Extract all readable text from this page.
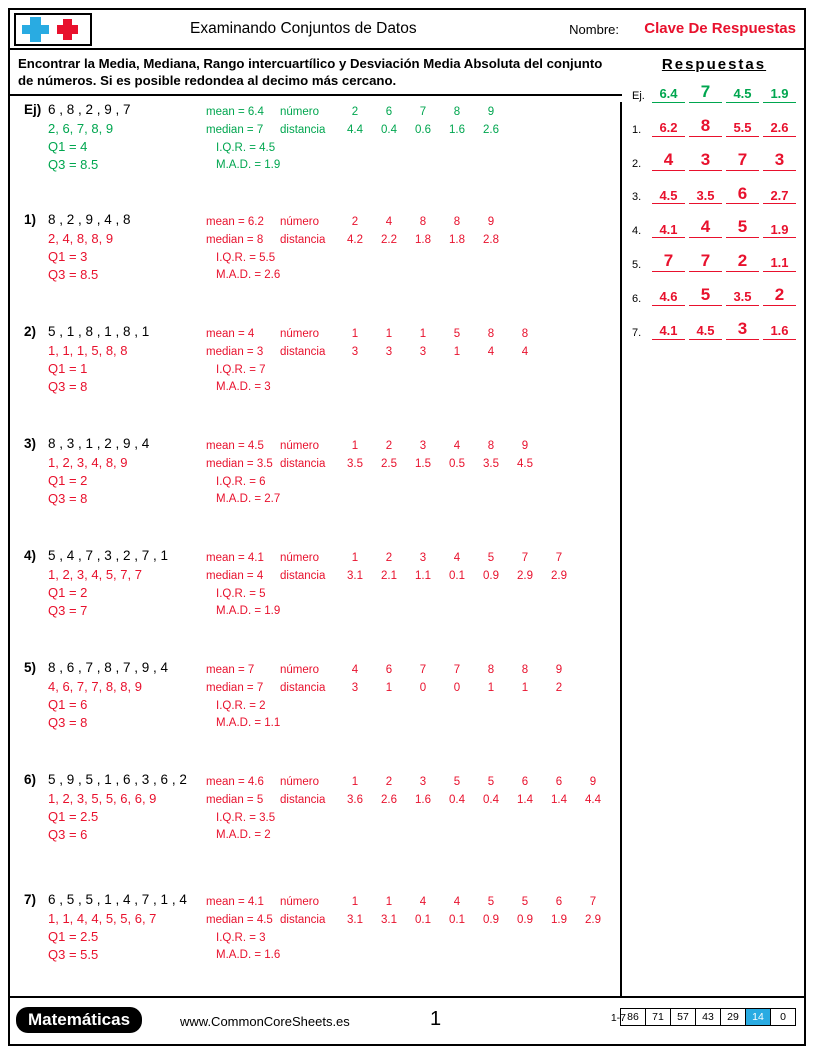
Examinando Conjuntos de Datos	Nombre: Clave De Respuestas
Encontrar la Media, Mediana, Rango intercuartílico y Desviación Media Absoluta del conjunto de números. Si es posible redondea al decimo más cercano.
Ej) 6 , 8 , 2 , 9 , 7
2, 6, 7, 8, 9
Q1 = 4
Q3 = 8.5
mean = 6.4 número	2 6 7 8 9
median = 7 distancia 4.4 0.4 0.6 1.6 2.6
I.Q.R. = 4.5
M.A.D. = 1.9
1) 8 , 2 , 9 , 4 , 8
2, 4, 8, 8, 9
Q1 = 3
Q3 = 8.5
mean = 6.2 número	2 4 8 8 9
median = 8 distancia 4.2 2.2 1.8 1.8 2.8
I.Q.R. = 5.5
M.A.D. = 2.6
2) 5 , 1 , 8 , 1 , 8 , 1
1, 1, 1, 5, 8, 8
Q1 = 1
Q3 = 8
mean = 4 número	1 1 1 5 8 8
median = 3 distancia 3 3 3 1 4 4
I.Q.R. = 7
M.A.D. = 3
3) 8 , 3 , 1 , 2 , 9 , 4
1, 2, 3, 4, 8, 9
Q1 = 2
Q3 = 8
mean = 4.5 número	1 2 3 4 8 9
median = 3.5 distancia 3.5 2.5 1.5 0.5 3.5 4.5
I.Q.R. = 6
M.A.D. = 2.7
4) 5 , 4 , 7 , 3 , 2 , 7 , 1
1, 2, 3, 4, 5, 7, 7
Q1 = 2
Q3 = 7
mean = 4.1 número	1 2 3 4 5 7 7
median = 4 distancia 3.1 2.1 1.1 0.1 0.9 2.9 2.9
I.Q.R. = 5
M.A.D. = 1.9
5) 8 , 6 , 7 , 8 , 7 , 9 , 4
4, 6, 7, 7, 8, 8, 9
Q1 = 6
Q3 = 8
mean = 7 número	4 6 7 7 8 8 9
median = 7 distancia 3 1 0 0 1 1 2
I.Q.R. = 2
M.A.D. = 1.1
6) 5 , 9 , 5 , 1 , 6 , 3 , 6 , 2
1, 2, 3, 5, 5, 6, 6, 9
Q1 = 2.5
Q3 = 6
mean = 4.6 número	1 2 3 5 5 6 6 9
median = 5 distancia 3.6 2.6 1.6 0.4 0.4 1.4 1.4 4.4
I.Q.R. = 3.5
M.A.D. = 2
7) 6 , 5 , 5 , 1 , 4 , 7 , 1 , 4
1, 1, 4, 4, 5, 5, 6, 7
Q1 = 2.5
Q3 = 5.5
mean = 4.1 número	1 1 4 4 5 5 6 7
median = 4.5 distancia 3.1 3.1 0.1 0.1 0.9 0.9 1.9 2.9
I.Q.R. = 3
M.A.D. = 1.6
Respuestas
Ej.	6.4	7	4.5	1.9
1.	6.2	8	5.5	2.6
2.	4	3	7	3
3.	4.5	3.5	6	2.7
4.	4.1	4	5	1.9
5.	7	7	2	1.1
6.	4.6	5	3.5	2
7.	4.1	4.5	3	1.6
Matemáticas	www.CommonCoreSheets.es	1	1-7 86	71	57	43	29	14	0
